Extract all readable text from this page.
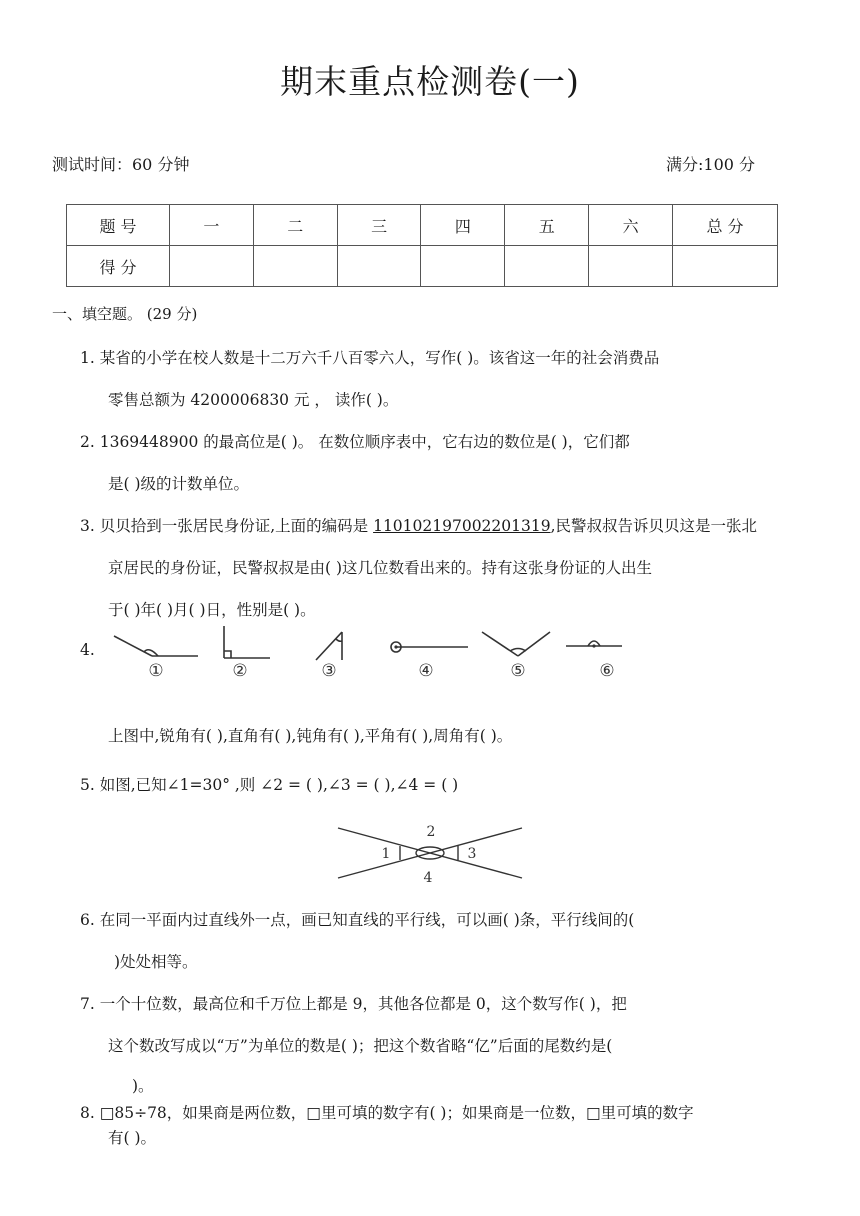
期末重点检测卷(一)
测试时间：60 分钟	满分:100 分
题 号	一	二	三	四	五	六	总 分
得 分							
一、填空题。 (29 分)
1. 某省的小学在校人数是十二万六千八百零六人，写作( )。该省这一年的社会消费品
零售总额为 4200006830 元 ， 读作( )。
2. 1369448900 的最高位是( )。 在数位顺序表中，它右边的数位是( )，它们都
是( )级的计数单位。
3. 贝贝拾到一张居民身份证,上面的编码是 110102197002201319,民警叔叔告诉贝贝这是一张北
京居民的身份证，民警叔叔是由( )这几位数看出来的。持有这张身份证的人出生
于( )年( )月( )日，性别是( )。
4.
①	②	③	④	⑤	⑥
上图中,锐角有( ),直角有( ),钝角有( ),平角有( ),周角有( )。
5. 如图,已知∠1=30° ,则 ∠2 = ( ),∠3 = ( ),∠4 = ( )
1
2
3
4
6. 在同一平面内过直线外一点，画已知直线的平行线，可以画( )条，平行线间的(
)处处相等。
7. 一个十位数，最高位和千万位上都是 9，其他各位都是 0，这个数写作( )，把
这个数改写成以“万”为单位的数是( )；把这个数省略“亿”后面的尾数约是(
)。
8. □85÷78，如果商是两位数，□里可填的数字有( )；如果商是一位数，□里可填的数字
有( )。
